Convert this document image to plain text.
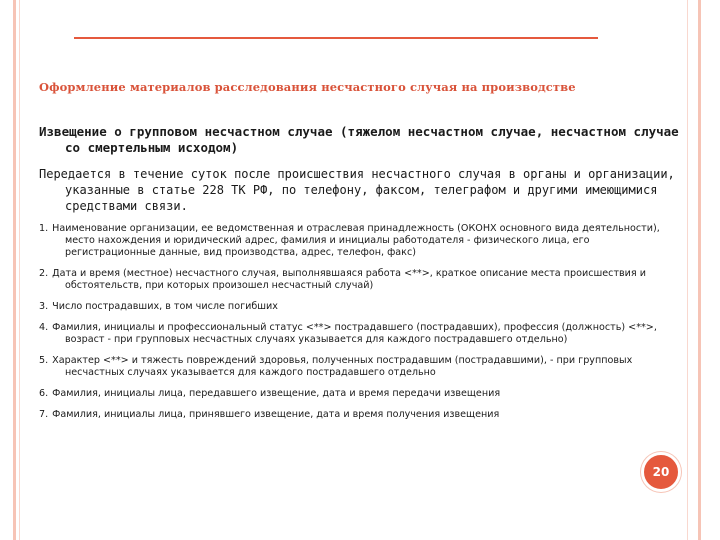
Оформление материалов расследования несчастного случая на производстве

Извещение о групповом несчастном случае (тяжелом несчастном случае, несчастном случае со смертельным исходом)

Передается в течение суток после происшествия несчастного случая в органы и организации, указанные в статье 228 ТК РФ, по телефону, факсом, телеграфом и другими имеющимися средствами связи.

1. Наименование организации, ее ведомственная и отраслевая принадлежность (ОКОНХ основного вида деятельности), место нахождения и юридический адрес, фамилия и инициалы работодателя - физического лица, его регистрационные данные, вид производства, адрес, телефон, факс)
2. Дата и время (местное) несчастного случая, выполнявшаяся работа <**>, краткое описание места происшествия и обстоятельств, при которых произошел несчастный случай)
3. Число пострадавших, в том числе погибших
4. Фамилия, инициалы и профессиональный статус <**> пострадавшего (пострадавших), профессия (должность) <**>, возраст - при групповых несчастных случаях указывается для каждого пострадавшего отдельно)
5. Характер <**> и тяжесть повреждений здоровья, полученных пострадавшим (пострадавшими), - при групповых несчастных случаях указывается для каждого пострадавшего отдельно
6. Фамилия, инициалы лица, передавшего извещение, дата и время передачи извещения
7. Фамилия, инициалы лица, принявшего извещение, дата и время получения извещения
20
